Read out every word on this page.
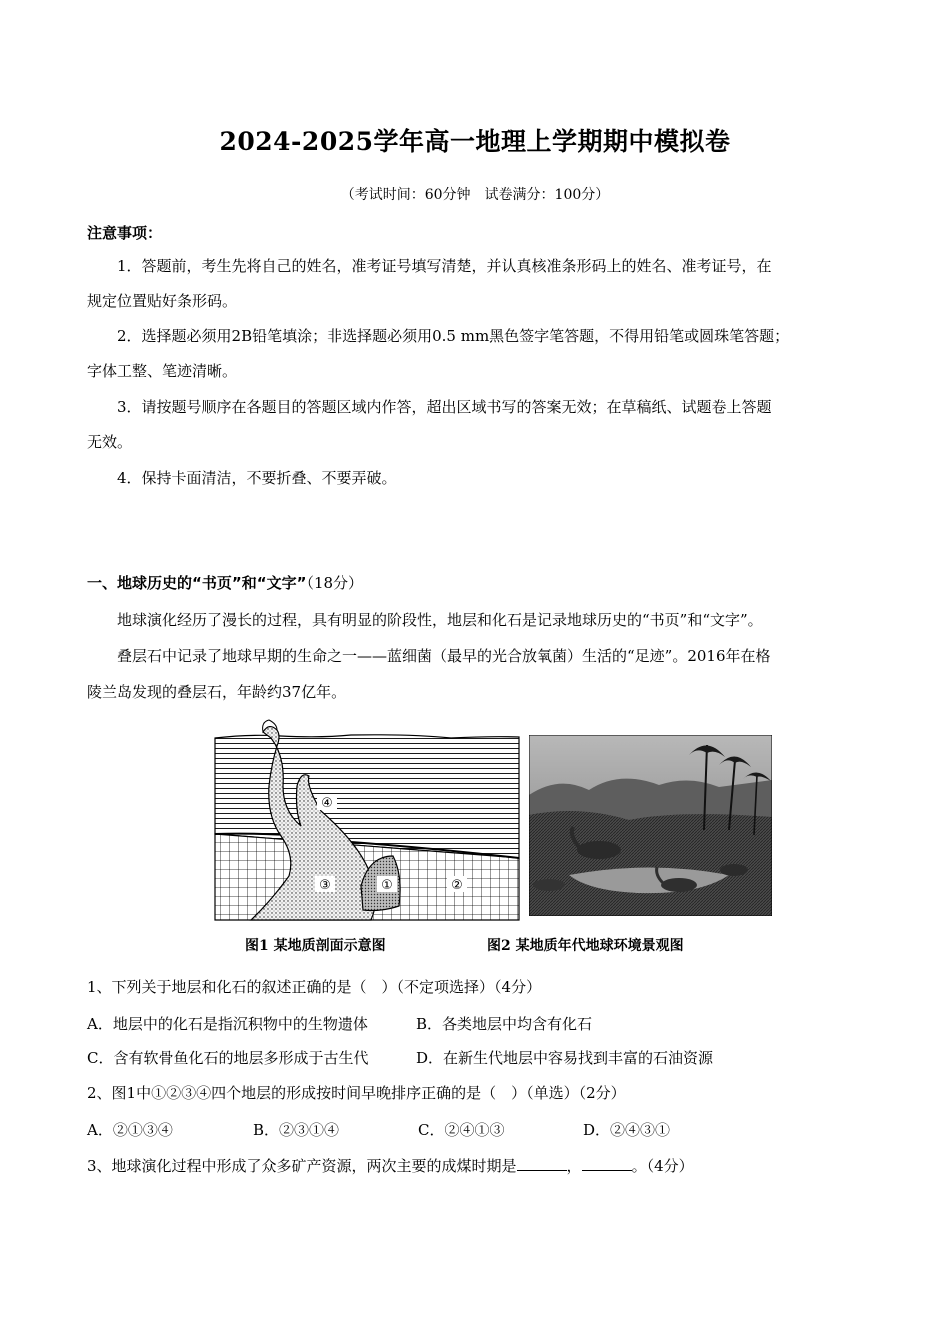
2024-2025学年高一地理上学期期中模拟卷
（考试时间：60分钟　试卷满分：100分）
注意事项：
1．答题前，考生先将自己的姓名，准考证号填写清楚，并认真核准条形码上的姓名、准考证号，在
规定位置贴好条形码。
2．选择题必须用2B铅笔填涂；非选择题必须用0.5 mm黑色签字笔答题，不得用铅笔或圆珠笔答题；
字体工整、笔迹清晰。
3．请按题号顺序在各题目的答题区域内作答，超出区域书写的答案无效；在草稿纸、试题卷上答题
无效。
4．保持卡面清洁，不要折叠、不要弄破。
一、地球历史的“书页”和“文字”（18分）
地球演化经历了漫长的过程，具有明显的阶段性，地层和化石是记录地球历史的“书页”和“文字”。
叠层石中记录了地球早期的生命之一——蓝细菌（最早的光合放氧菌）生活的“足迹”。2016年在格
陵兰岛发现的叠层石，年龄约37亿年。
④
③	①	②
图1 某地质剖面示意图	图2 某地质年代地球环境景观图
1、下列关于地层和化石的叙述正确的是（　）（不定项选择）（4分）
A．地层中的化石是指沉积物中的生物遗体	B．各类地层中均含有化石
C．含有软骨鱼化石的地层多形成于古生代	D．在新生代地层中容易找到丰富的石油资源
2、图1中①②③④四个地层的形成按时间早晚排序正确的是（　）（单选）（2分）
A．②①③④	B．②③①④	C．②④①③	D．②④③①
3、地球演化过程中形成了众多矿产资源，两次主要的成煤时期是	，	。（4分）
